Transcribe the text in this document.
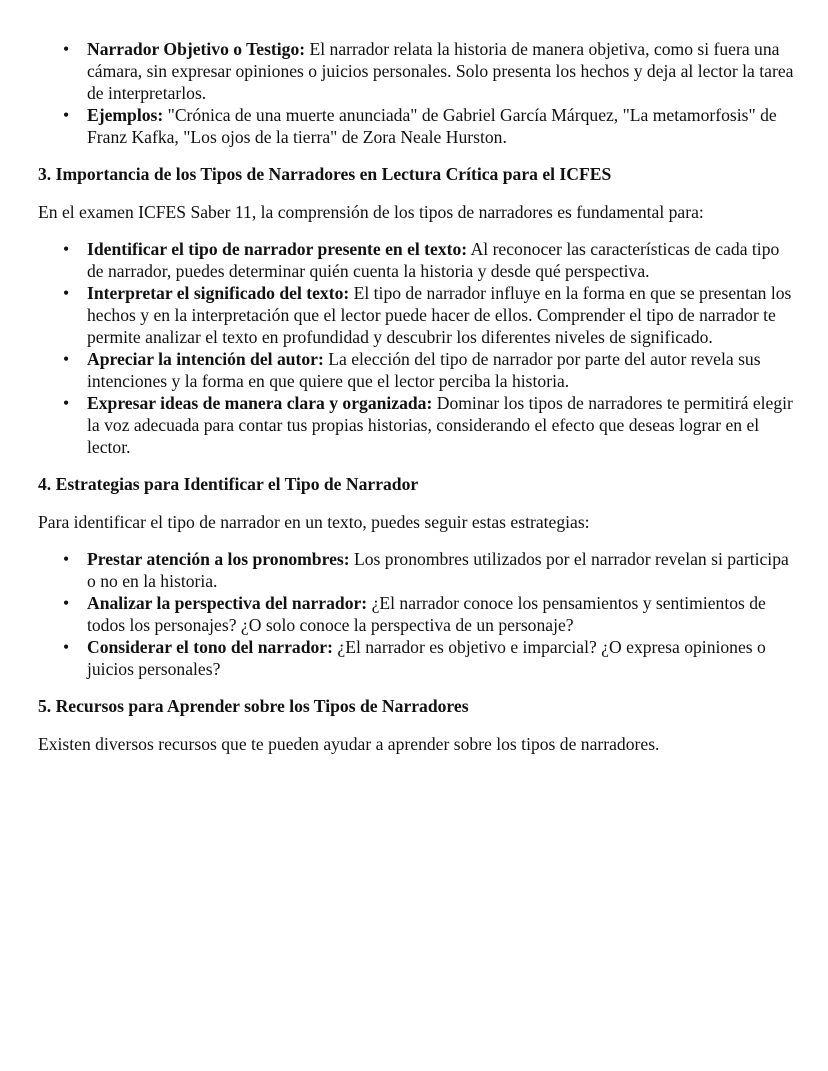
• Narrador Objetivo o Testigo: El narrador relata la historia de manera objetiva, como si fuera una cámara, sin expresar opiniones o juicios personales. Solo presenta los hechos y deja al lector la tarea de interpretarlos.
• Ejemplos: "Crónica de una muerte anunciada" de Gabriel García Márquez, "La metamorfosis" de Franz Kafka, "Los ojos de la tierra" de Zora Neale Hurston.
3. Importancia de los Tipos de Narradores en Lectura Crítica para el ICFES

En el examen ICFES Saber 11, la comprensión de los tipos de narradores es fundamental para:

• Identificar el tipo de narrador presente en el texto: Al reconocer las características de cada tipo de narrador, puedes determinar quién cuenta la historia y desde qué perspectiva.
• Interpretar el significado del texto: El tipo de narrador influye en la forma en que se presentan los hechos y en la interpretación que el lector puede hacer de ellos. Comprender el tipo de narrador te permite analizar el texto en profundidad y descubrir los diferentes niveles de significado.
• Apreciar la intención del autor: La elección del tipo de narrador por parte del autor revela sus intenciones y la forma en que quiere que el lector perciba la historia.
• Expresar ideas de manera clara y organizada: Dominar los tipos de narradores te permitirá elegir la voz adecuada para contar tus propias historias, considerando el efecto que deseas lograr en el lector.
4. Estrategias para Identificar el Tipo de Narrador

Para identificar el tipo de narrador en un texto, puedes seguir estas estrategias:

• Prestar atención a los pronombres: Los pronombres utilizados por el narrador revelan si participa o no en la historia.
• Analizar la perspectiva del narrador: ¿El narrador conoce los pensamientos y sentimientos de todos los personajes? ¿O solo conoce la perspectiva de un personaje?
• Considerar el tono del narrador: ¿El narrador es objetivo e imparcial? ¿O expresa opiniones o juicios personales?
5. Recursos para Aprender sobre los Tipos de Narradores

Existen diversos recursos que te pueden ayudar a aprender sobre los tipos de narradores.
